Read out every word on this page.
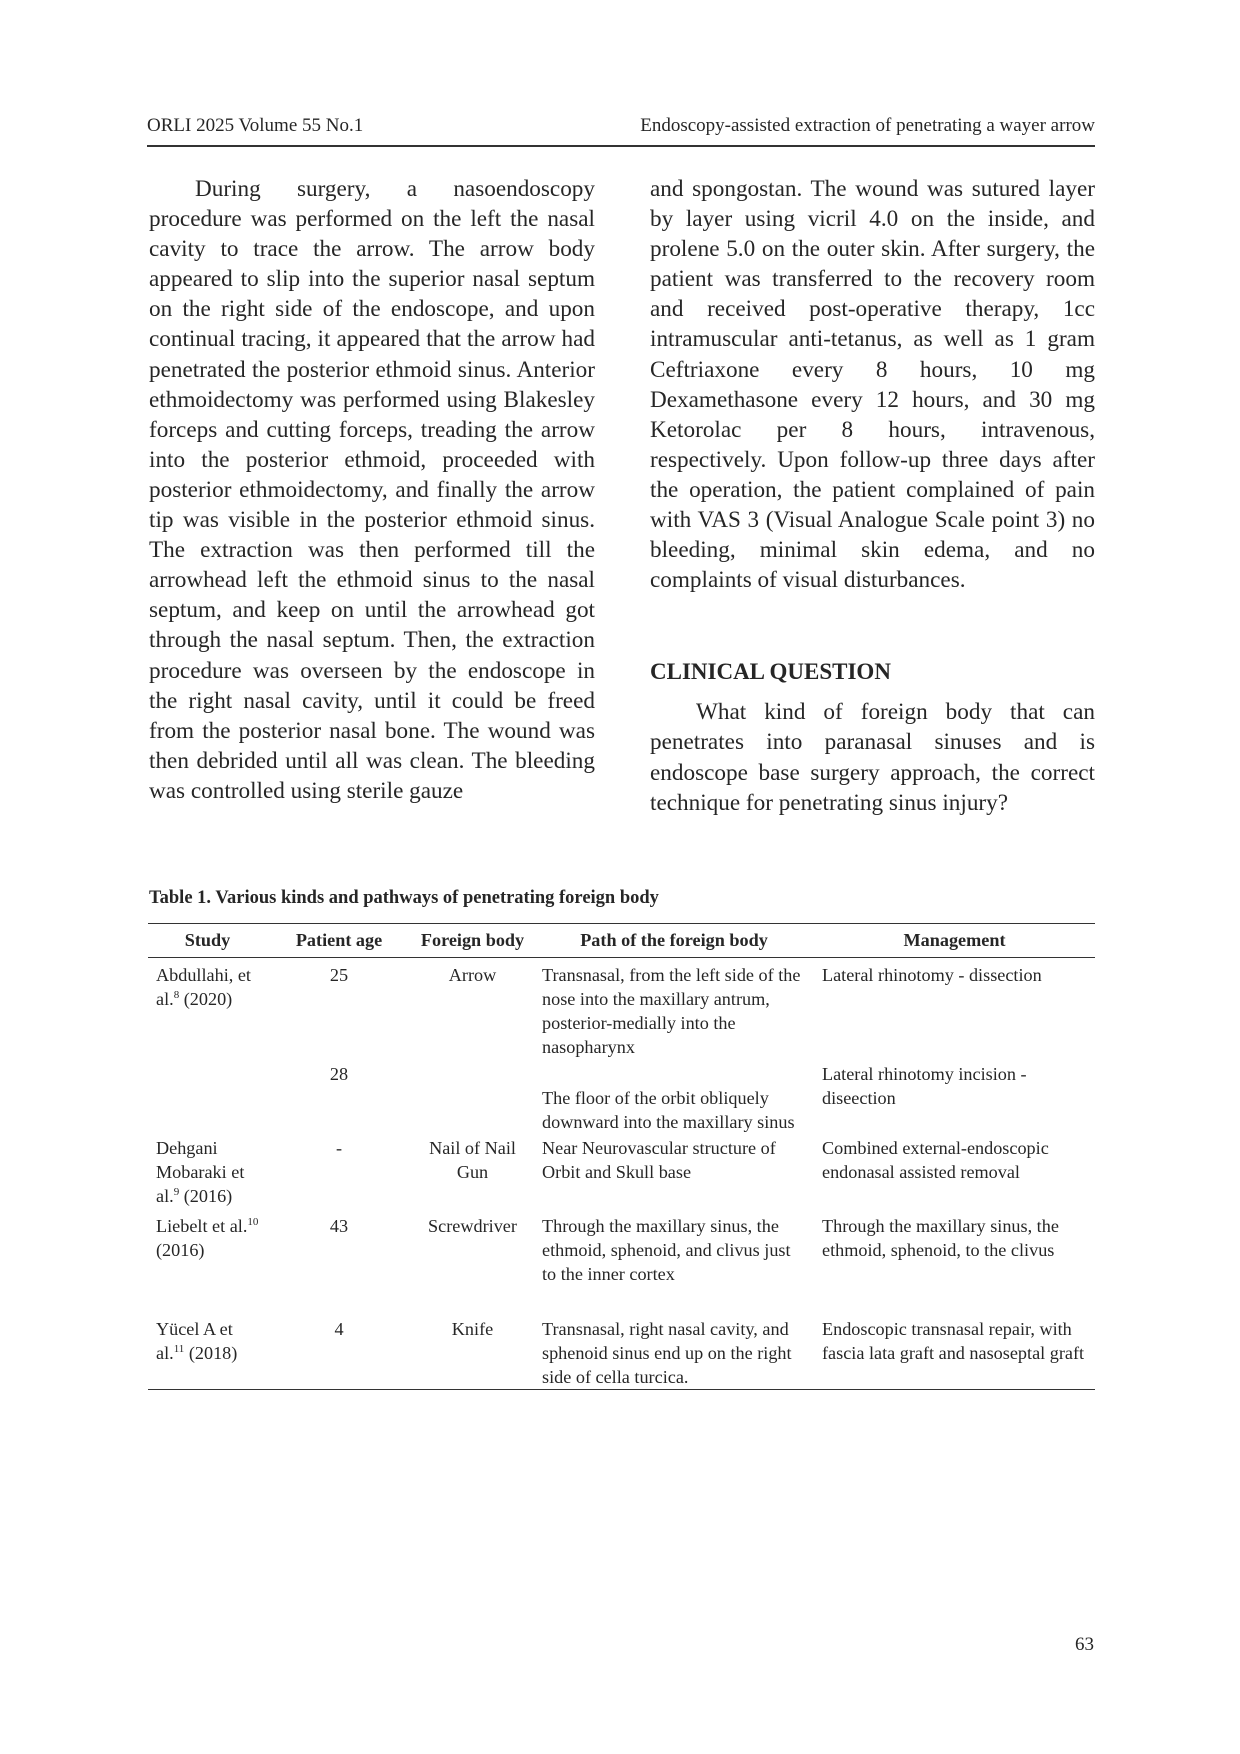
ORLI 2025 Volume 55 No.1	Endoscopy-assisted extraction of penetrating a wayer arrow

During surgery, a nasoendoscopy procedure was performed on the left the nasal cavity to trace the arrow. The arrow body appeared to slip into the superior nasal septum on the right side of the endoscope, and upon continual tracing, it appeared that the arrow had penetrated the posterior ethmoid sinus. Anterior ethmoidectomy was performed using Blakesley forceps and cutting forceps, treading the arrow into the posterior ethmoid, proceeded with posterior ethmoidectomy, and finally the arrow tip was visible in the posterior ethmoid sinus. The extraction was then performed till the arrowhead left the ethmoid sinus to the nasal septum, and keep on until the arrowhead got through the nasal septum. Then, the extraction procedure was overseen by the endoscope in the right nasal cavity, until it could be freed from the posterior nasal bone. The wound was then debrided until all was clean. The bleeding was controlled using sterile gauze

and spongostan. The wound was sutured layer by layer using vicril 4.0 on the inside, and prolene 5.0 on the outer skin. After surgery, the patient was transferred to the recovery room and received post-operative therapy, 1cc intramuscular anti-tetanus, as well as 1 gram Ceftriaxone every 8 hours, 10 mg Dexamethasone every 12 hours, and 30 mg Ketorolac per 8 hours, intravenous, respectively. Upon follow-up three days after the operation, the patient complained of pain with VAS 3 (Visual Analogue Scale point 3) no bleeding, minimal skin edema, and no complaints of visual disturbances.

CLINICAL QUESTION

What kind of foreign body that can penetrates into paranasal sinuses and is endoscope base surgery approach, the correct technique for penetrating sinus injury?

Table 1. Various kinds and pathways of penetrating foreign body
Study	Patient age	Foreign body	Path of the foreign body	Management
Abdullahi, et al.$^8$ (2020)	25	Arrow	Transnasal, from the left side of the nose into the maxillary antrum, posterior-medially into the nasopharynx	Lateral rhinotomy - dissection
	28		The floor of the orbit obliquely downward into the maxillary sinus	Lateral rhinotomy incision - diseection
Dehgani Mobaraki et al.$^9$ (2016)	-	Nail of Nail Gun	Near Neurovascular structure of Orbit and Skull base	Combined external-endoscopic endonasal assisted removal
Liebelt et al.$^{10}$ (2016)	43	Screwdriver	Through the maxillary sinus, the ethmoid, sphenoid, and clivus just to the inner cortex	Through the maxillary sinus, the ethmoid, sphenoid, to the clivus
Yücel A et al.$^{11}$ (2018)	4	Knife	Transnasal, right nasal cavity, and sphenoid sinus end up on the right side of cella turcica.	Endoscopic transnasal repair, with fascia lata graft and nasoseptal graft
63
